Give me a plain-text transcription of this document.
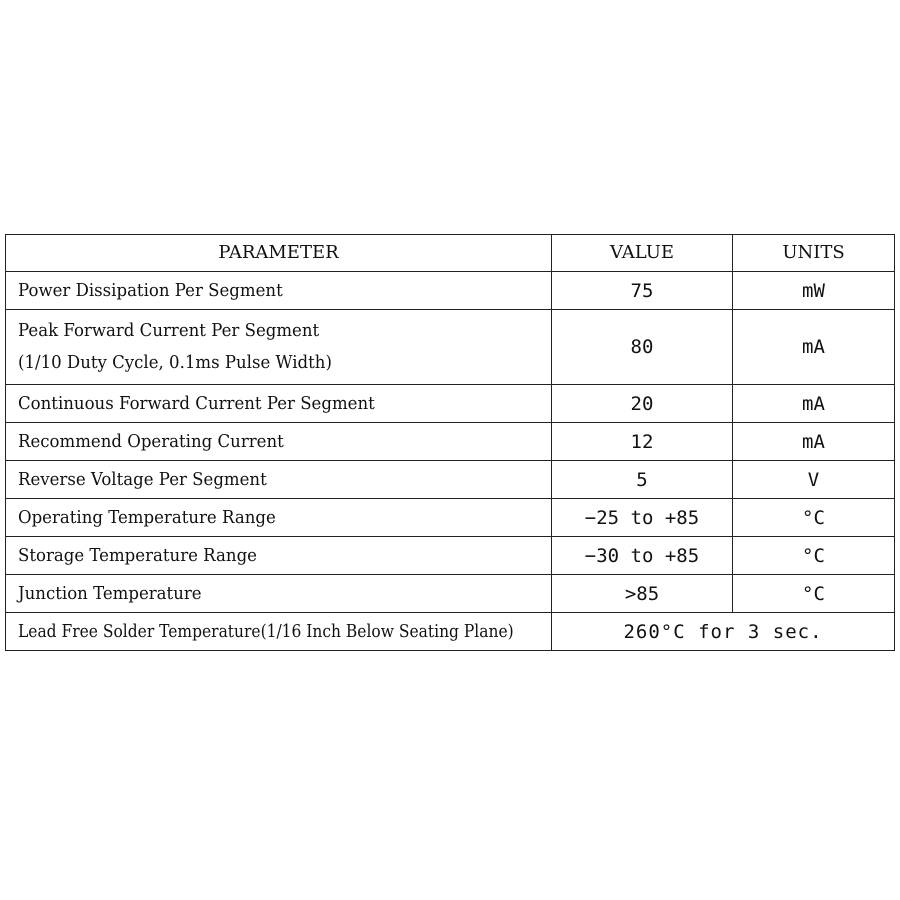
PARAMETER	VALUE	UNITS
Power Dissipation Per Segment	75	mW

Peak Forward Current Per Segment
(1/10 Duty Cycle, 0.1ms Pulse Width)	80	mA
Continuous Forward Current Per Segment	20	mA
Recommend Operating Current	12	mA
Reverse Voltage Per Segment	5	V
Operating Temperature Range	−25 to +85	°C
Storage Temperature Range	−30 to +85	°C
Junction Temperature	>85	°C
Lead Free Solder Temperature(1/16 Inch Below Seating Plane)	260°C for 3 sec.	
